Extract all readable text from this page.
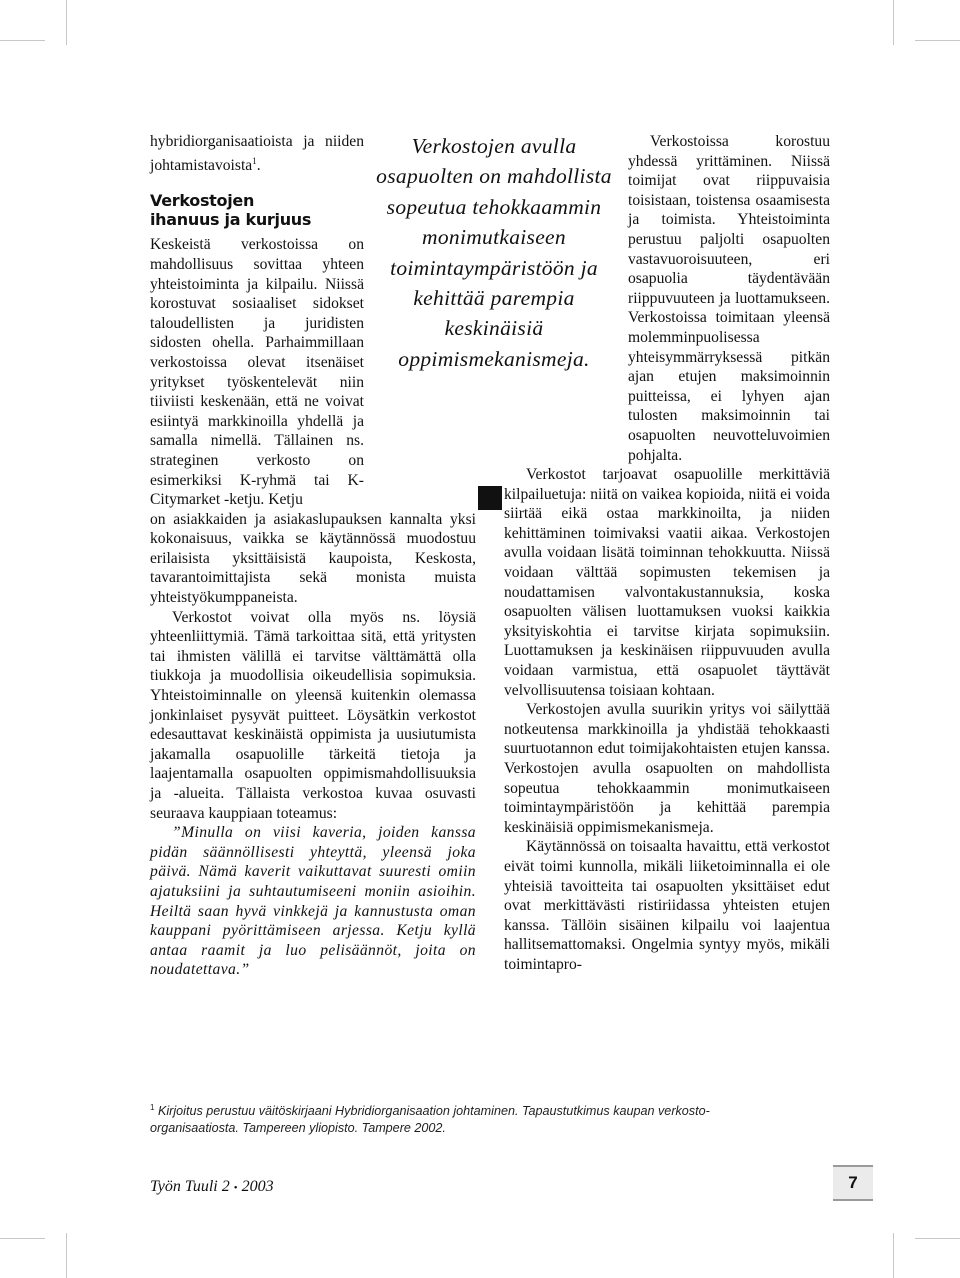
hybridiorganisaatioista ja niiden johtamistavoista$^1$.

Verkostojen
ihanuus ja kurjuus

Keskeistä verkostoissa on mahdollisuus sovittaa yhteen yhteistoiminta ja kilpailu. Niissä korostuvat sosiaaliset sidokset taloudellisten ja juridisten sidosten ohella. Parhaimmillaan verkostoissa olevat itsenäiset yritykset työskentelevät niin tiiviisti keskenään, että ne voivat esiintyä markkinoilla yhdellä ja samalla nimellä. Tällainen ns. strateginen verkosto on esimerkiksi K-ryhmä tai K-Citymarket -ketju. Ketju

on asiakkaiden ja asiakaslupauksen kannalta yksi kokonaisuus, vaikka se käytännössä muodostuu erilaisista yksittäisistä kaupoista, Keskosta, tavarantoimittajista sekä monista muista yhteistyökumppaneista.

Verkostot voivat olla myös ns. löysiä yhteenliittymiä. Tämä tarkoittaa sitä, että yritysten tai ihmisten välillä ei tarvitse välttämättä olla tiukkoja ja muodollisia oikeudellisia sopimuksia. Yhteistoiminnalle on yleensä kuitenkin olemassa jonkinlaiset pysyvät puitteet. Löysätkin verkostot edesauttavat keskinäistä oppimista ja uusiutumista jakamalla osapuolille tärkeitä tietoja ja laajentamalla osapuolten oppimismahdollisuuksia ja -alueita. Tällaista verkostoa kuvaa osuvasti seuraava kauppiaan toteamus:

”Minulla on viisi kaveria, joiden kanssa pidän säännöllisesti yhteyttä, yleensä joka päivä. Nämä kaverit vaikuttavat suuresti omiin ajatuksiini ja suhtautumiseeni moniin asioihin. Heiltä saan hyvä vinkkejä ja kannustusta oman kauppani pyörittämiseen arjessa. Ketju kyllä antaa raamit ja luo pelisäännöt, joita on noudatettava.”

Verkostojen avulla osapuolten on mahdollista sopeutua tehokkaammin monimutkaiseen toimintaympäristöön ja kehittää parempia keskinäisiä oppimismekanismeja.

Verkostoissa korostuu yhdessä yrittäminen. Niissä toimijat ovat riippuvaisia toisistaan, toistensa osaamisesta ja toimista. Yhteistoiminta perustuu paljolti osapuolten vastavuoroisuuteen, eri osapuolia täydentävään riippuvuuteen ja luottamukseen. Verkostoissa toimitaan yleensä molemminpuolisessa yhteisymmärryksessä pitkän ajan etujen maksimoinnin puitteissa, ei lyhyen ajan tulosten maksimoinnin tai osapuolten neuvotteluvoimien pohjalta.

Verkostot tarjoavat osapuolille merkittäviä kilpailuetuja: niitä on vaikea kopioida, niitä ei voida siirtää eikä ostaa markkinoilta, ja niiden kehittäminen toimivaksi vaatii aikaa. Verkostojen avulla voidaan lisätä toiminnan tehokkuutta. Niissä voidaan välttää sopimusten tekemisen ja noudattamisen valvontakustannuksia, koska osapuolten välisen luottamuksen vuoksi kaikkia yksityiskohtia ei tarvitse kirjata sopimuksiin. Luottamuksen ja keskinäisen riippuvuuden avulla voidaan varmistua, että osapuolet täyttävät velvollisuutensa toisiaan kohtaan.

Verkostojen avulla suurikin yritys voi säilyttää notkeutensa markkinoilla ja yhdistää tehokkaasti suurtuotannon edut toimijakohtaisten etujen kanssa. Verkostojen avulla osapuolten on mahdollista sopeutua tehokkaammin monimutkaiseen toimintaympäristöön ja kehittää parempia keskinäisiä oppimismekanismeja.

Käytännössä on toisaalta havaittu, että verkostot eivät toimi kunnolla, mikäli liiketoiminnalla ei ole yhteisiä tavoitteita tai osapuolten yksittäiset edut ovat merkittävästi ristiriidassa yhteisten etujen kanssa. Tällöin sisäinen kilpailu voi laajentua hallitsemattomaksi. Ongelmia syntyy myös, mikäli toimintapro-

$^1$ Kirjoitus perustuu väitöskirjaani Hybridiorganisaation johtaminen. Tapaustutkimus kaupan verkosto-
organisaatiosta. Tampereen yliopisto. Tampere 2002.
Työn Tuuli 2 • 2003	7
